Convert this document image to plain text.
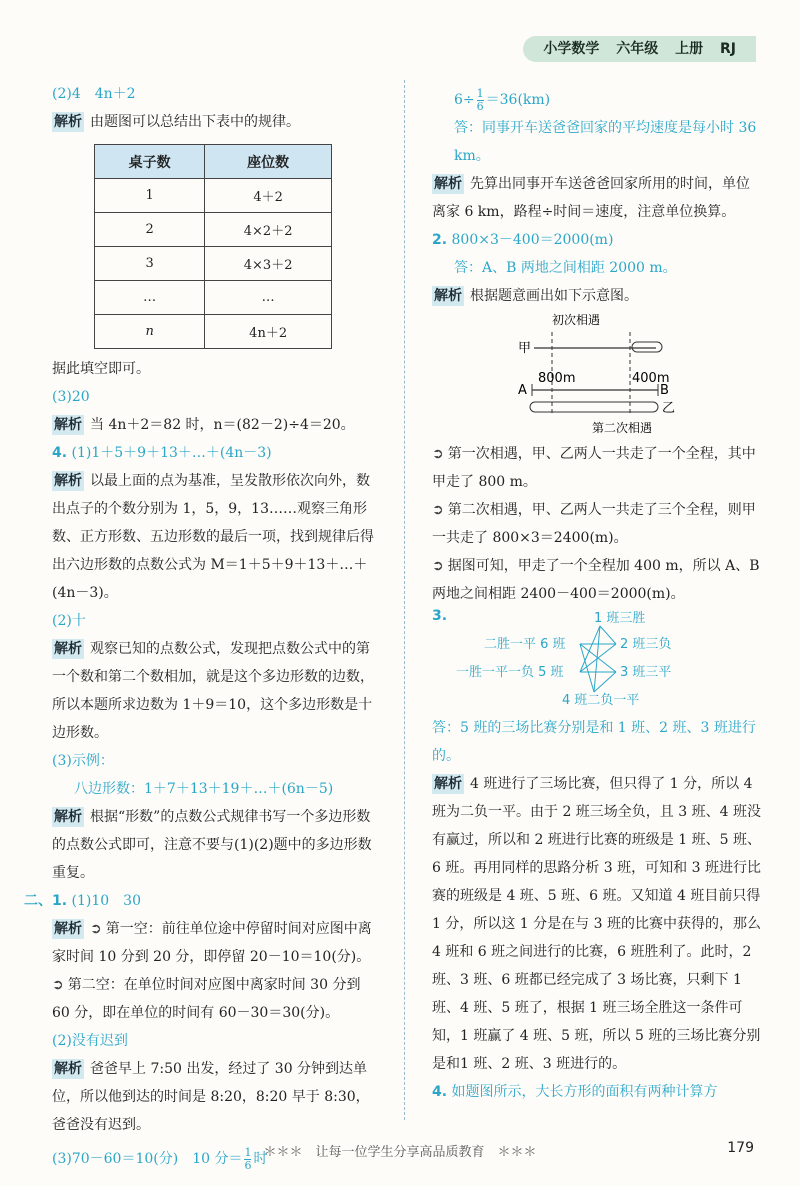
小学数学 六年级 上册 RJ

(2)4　4n＋2

解析 由题图可以总结出下表中的规律。

桌子数	座位数
1	4＋2
2	4×2＋2
3	4×3＋2
…	…
n	4n＋2

据此填空即可。

(3)20

解析 当 4n＋2＝82 时，n＝(82－2)÷4＝20。

4. (1)1＋5＋9＋13＋…＋(4n－3)

解析 以最上面的点为基准，呈发散形依次向外，数出点子的个数分别为 1，5，9，13……观察三角形数、正方形数、五边形数的最后一项，找到规律后得出六边形数的点数公式为 M＝1＋5＋9＋13＋…＋(4n－3)。

(2)十

解析 观察已知的点数公式，发现把点数公式中的第一个数和第二个数相加，就是这个多边形数的边数，所以本题所求边数为 1＋9＝10，这个多边形数是十边形数。

(3)示例：

八边形数：1＋7＋13＋19＋…＋(6n－5)

解析 根据“形数”的点数公式规律书写一个多边形数的点数公式即可，注意不要与(1)(2)题中的多边形数重复。

二、1. (1)10　30

解析 ➲ 第一空：前往单位途中停留时间对应图中离家时间 10 分到 20 分，即停留 20－10＝10(分)。

➲ 第二空：在单位时间对应图中离家时间 30 分到 60 分，即在单位的时间有 60－30＝30(分)。

(2)没有迟到

解析 爸爸早上 7:50 出发，经过了 30 分钟到达单位，所以他到达的时间是 8:20，8:20 早于 8:30，爸爸没有迟到。

(3)70－60＝10(分)　10 分＝ $\frac{1}{6}$ 时

$6\div \frac{1}{6} =36(km)$

答：同事开车送爸爸回家的平均速度是每小时 36 km。

解析 先算出同事开车送爸爸回家所用的时间，单位离家 6 km，路程÷时间＝速度，注意单位换算。

2. 800×3－400＝2000(m)

答：A、B 两地之间相距 2000 m。

解析 根据题意画出如下示意图。

初次相遇
甲
800m	400m
A	B
乙
第二次相遇

➲ 第一次相遇，甲、乙两人一共走了一个全程，其中甲走了 800 m。

➲ 第二次相遇，甲、乙两人一共走了三个全程，则甲一共走了 800×3＝2400(m)。

➲ 据图可知，甲走了一个全程加 400 m，所以 A、B 两地之间相距 2400－400＝2000(m)。

3.	1 班三胜
二胜一平 6 班	2 班三负
一胜一平一负 5 班	3 班三平
4 班二负一平

答：5 班的三场比赛分别是和 1 班、2 班、3 班进行的。

解析 4 班进行了三场比赛，但只得了 1 分，所以 4 班为二负一平。由于 2 班三场全负，且 3 班、4 班没有赢过，所以和 2 班进行比赛的班级是 1 班、5 班、6 班。再用同样的思路分析 3 班，可知和 3 班进行比赛的班级是 4 班、5 班、6 班。又知道 4 班目前只得 1 分，所以这 1 分是在与 3 班的比赛中获得的，那么 4 班和 6 班之间进行的比赛，6 班胜利了。此时，2 班、3 班、6 班都已经完成了 3 场比赛，只剩下 1 班、4 班、5 班了，根据 1 班三场全胜这一条件可知，1 班赢了 4 班、5 班，所以 5 班的三场比赛分别是和1 班、2 班、3 班进行的。

4. 如题图所示，大长方形的面积有两种计算方

＊＊＊　让每一位学生分享高品质教育　＊＊＊	179
